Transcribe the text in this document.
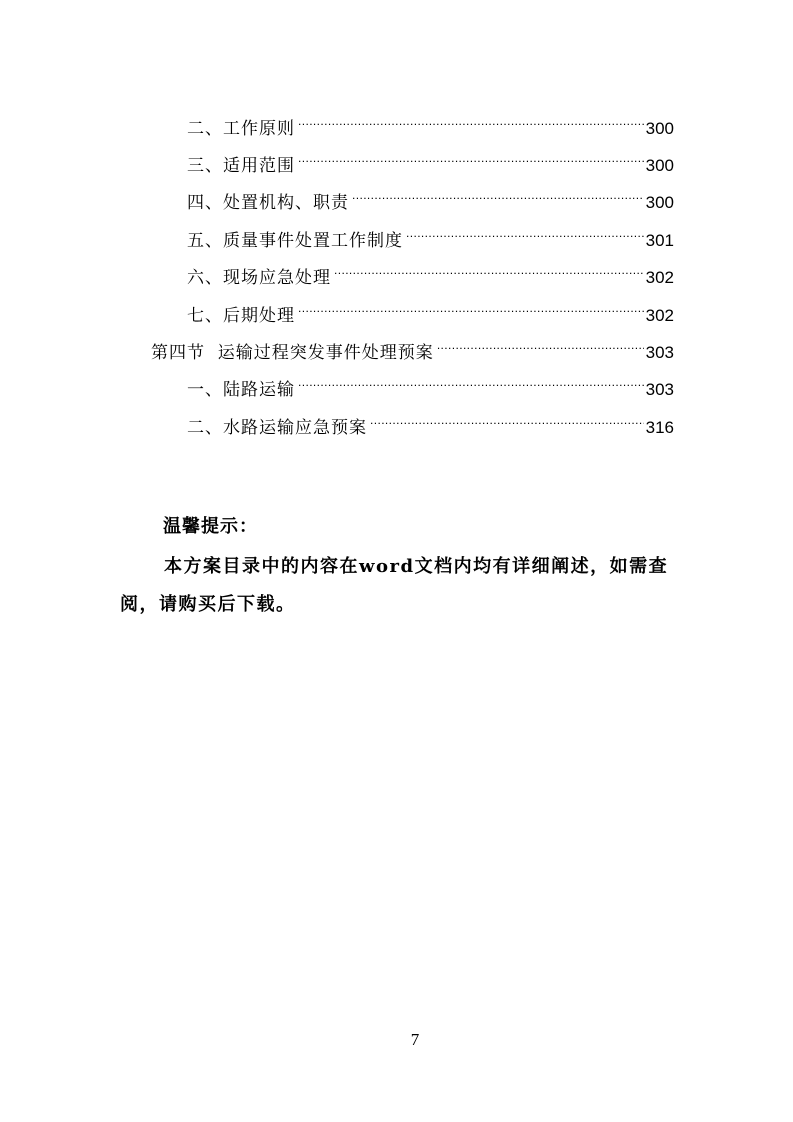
二、工作原则 .....	300
三、适用范围 .....	300
四、处置机构、职责 .....	300
五、质量事件处置工作制度 .....	301
六、现场应急处理 .....	302
七、后期处理 .....	302
第四节  运输过程突发事件处理预案 .....	303
一、陆路运输 .....	303
二、水路运输应急预案 .....	316
温馨提示：
本方案目录中的内容在word文档内均有详细阐述，如需查阅，请购买后下载。
7
